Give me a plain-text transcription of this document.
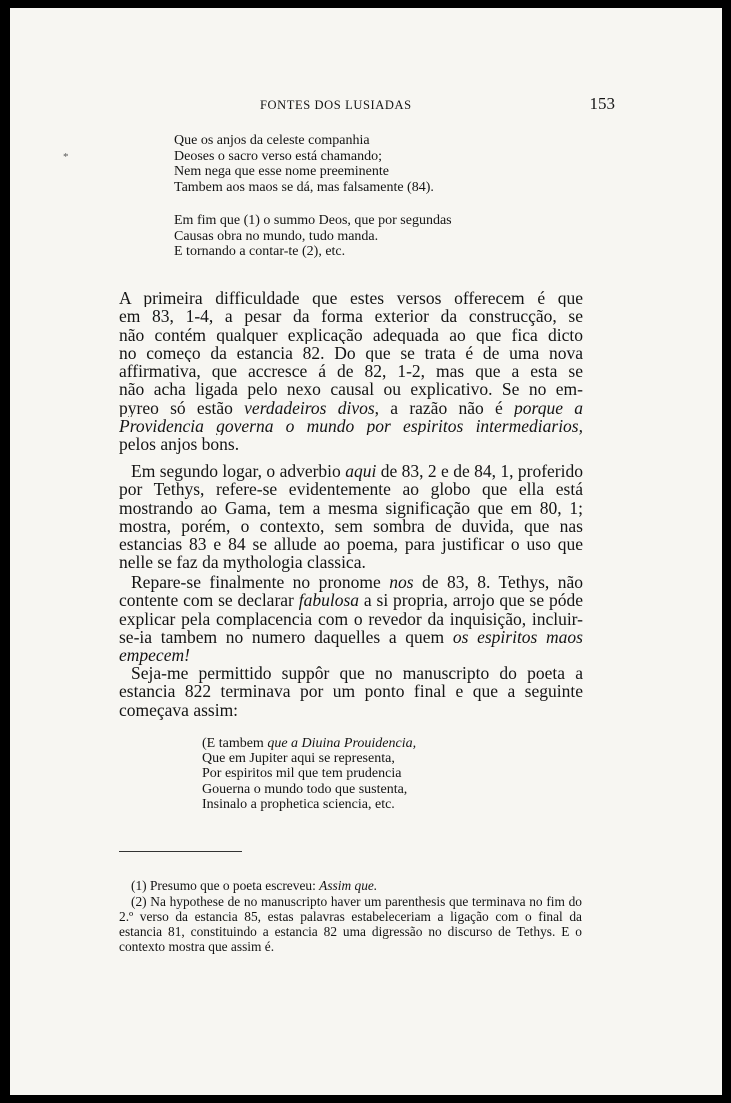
*
FONTES DOS LUSIADAS	153
Que os anjos da celeste companhia
Deoses o sacro verso está chamando;
Nem nega que esse nome preeminente
Tambem aos maos se dá, mas falsamente (84).
Em fim que (1) o summo Deos, que por segundas
Causas obra no mundo, tudo manda.
E tornando a contar-te (2), etc.
A primeira difficuldade que estes versos offerecem é que
em 83, 1-4, a pesar da forma exterior da construcção, se
não contém qualquer explicação adequada ao que fica dicto
no começo da estancia 82. Do que se trata é de uma nova
affirmativa, que accresce á de 82, 1-2, mas que a esta se
não acha ligada pelo nexo causal ou explicativo. Se no em-
pyreo só estão verdadeiros divos, a razão não é porque a
Providencia governa o mundo por espiritos intermediarios,
pelos anjos bons.
Em segundo logar, o adverbio aqui de 83, 2 e de 84, 1, proferido por Tethys, refere-se evidentemente ao globo que ella está mostrando ao Gama, tem a mesma significação que em 80, 1; mostra, porém, o contexto, sem sombra de duvida, que nas estancias 83 e 84 se allude ao poema, para justificar o uso que nelle se faz da mythologia classica.
Repare-se finalmente no pronome nos de 83, 8. Tethys, não contente com se declarar fabulosa a si propria, arrojo que se póde explicar pela complacencia com o revedor da inquisição, incluir-se-ia tambem no numero daquelles a quem os espiritos maos empecem!
Seja-me permittido suppôr que no manuscripto do poeta a estancia 822 terminava por um ponto final e que a seguinte começava assim:
(E tambem que a Diuina Prouidencia,
Que em Jupiter aqui se representa,
Por espiritos mil que tem prudencia
Gouerna o mundo todo que sustenta,
Insinalo a prophetica sciencia, etc.
(1) Presumo que o poeta escreveu: Assim que.
(2) Na hypothese de no manuscripto haver um parenthesis que terminava no fim do 2.º verso da estancia 85, estas palavras estabeleceriam a ligação com o final da estancia 81, constituindo a estancia 82 uma digressão no discurso de Tethys. E o contexto mostra que assim é.
